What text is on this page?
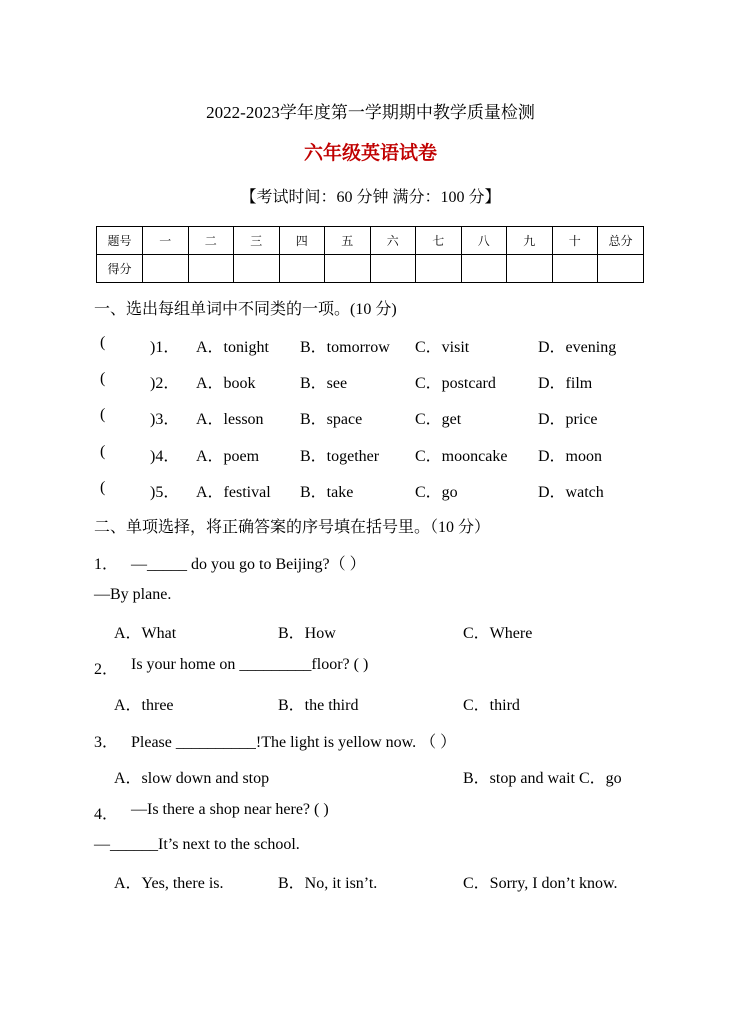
2022-2023学年度第一学期期中教学质量检测
六年级英语试卷
【考试时间：60 分钟 满分：100 分】
题号	一	二	三	四	五	六	七	八	九	十	总分
得分											
一、选出每组单词中不同类的一项。(10 分)
(	)1． A．tonight B．tomorrow C．visit	D．evening
(	)2． A．book	B．see	C．postcard	D．film
(	)3． A．lesson B．space	C．get	D．price
(	)4． A．poem	B．together C．mooncake D．moon
(	)5． A．festival B．take	C．go	D．watch
二、单项选择，将正确答案的序号填在括号里。（10 分）
1． —_____ do you go to Beijing?（ ）
—By plane.
A．What	B．How	C．Where
2． Is your home on _________floor? ( )
A．three	B．the third	C．third
3． Please __________!The light is yellow now. （ ）
A．slow down and stop	B．stop and wait C．go
4． —Is there a shop near here? ( )
—______It’s next to the school.
A．Yes, there is.	B．No, it isn’t.	C．Sorry, I don’t know.
